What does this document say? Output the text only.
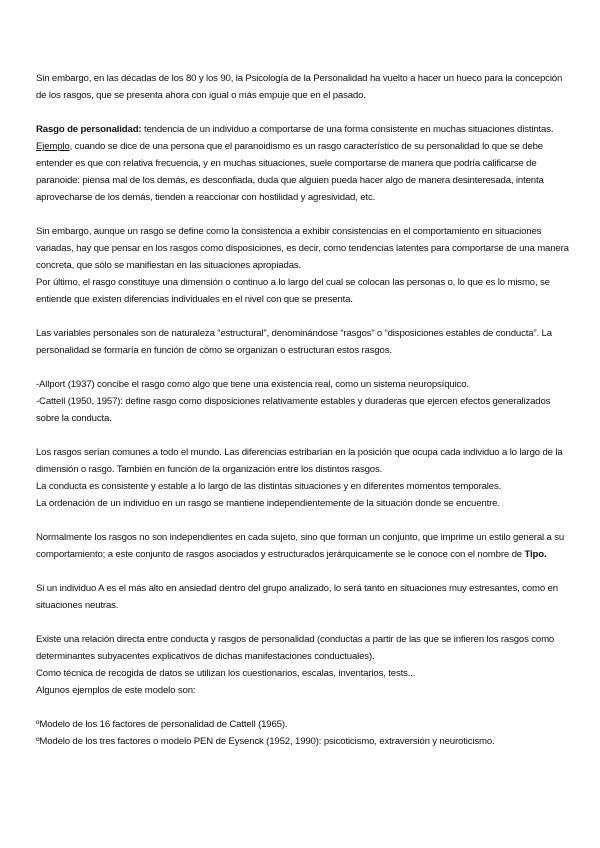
Sin embargo, en las décadas de los 80 y los 90, la Psicología de la Personalidad ha vuelto a hacer un hueco para la concepción de los rasgos, que se presenta ahora con igual o más empuje que en el pasado.

Rasgo de personalidad: tendencia de un individuo a comportarse de una forma consistente en muchas situaciones distintas.
Ejemplo, cuando se dice de una persona que el paranoidismo es un rasgo característico de su personalidad lo que se debe entender es que con relativa frecuencia, y en muchas situaciones, suele comportarse de manera que podría calificarse de paranoide: piensa mal de los demás, es desconfiada, duda que alguien pueda hacer algo de manera desinteresada, intenta aprovecharse de los demás, tienden a reaccionar con hostilidad y agresividad, etc.

Sin embargo, aunque un rasgo se define como la consistencia a exhibir consistencias en el comportamiento en situaciones variadas, hay que pensar en los rasgos como disposiciones, es decir, como tendencias latentes para comportarse de una manera concreta, que sólo se manifiestan en las situaciones apropiadas.
Por último, el rasgo constituye una dimensión o continuo a lo largo del cual se colocan las personas o, lo que es lo mismo, se entiende que existen diferencias individuales en el nivel con que se presenta.

Las variables personales son de naturaleza “estructural”, denominándose “rasgos” o “disposiciones estables de conducta”. La personalidad se formaría en función de cómo se organizan o estructuran estos rasgos.

-Allport (1937) concibe el rasgo como algo que tiene una existencia real, como un sistema neuropsíquico.
-Cattell (1950, 1957): define rasgo como disposiciones relativamente estables y duraderas que ejercen efectos generalizados sobre la conducta.

Los rasgos serían comunes a todo el mundo. Las diferencias estribarían en la posición que ocupa cada individuo a lo largo de la dimensión o rasgo. También en función de la organización entre los distintos rasgos.
La conducta es consistente y estable a lo largo de las distintas situaciones y en diferentes momentos temporales.
La ordenación de un individuo en un rasgo se mantiene independientemente de la situación donde se encuentre.

Normalmente los rasgos no son independientes en cada sujeto, sino que forman un conjunto, que imprime un estilo general a su comportamiento; a este conjunto de rasgos asociados y estructurados jerárquicamente se le conoce con el nombre de Tipo.

Si un individuo A es el más alto en ansiedad dentro del grupo analizado, lo será tanto en situaciones muy estresantes, como en situaciones neutras.

Existe una relación directa entre conducta y rasgos de personalidad (conductas a partir de las que se infieren los rasgos como determinantes subyacentes explicativos de dichas manifestaciones conductuales).
Como técnica de recogida de datos se utilizan los cuestionarios, escalas, inventarios, tests...
Algunos ejemplos de este modelo son:

ºModelo de los 16 factores de personalidad de Cattell (1965).
ºModelo de los tres factores o modelo PEN de Eysenck (1952, 1990): psicoticismo, extraversión y neuroticismo.
